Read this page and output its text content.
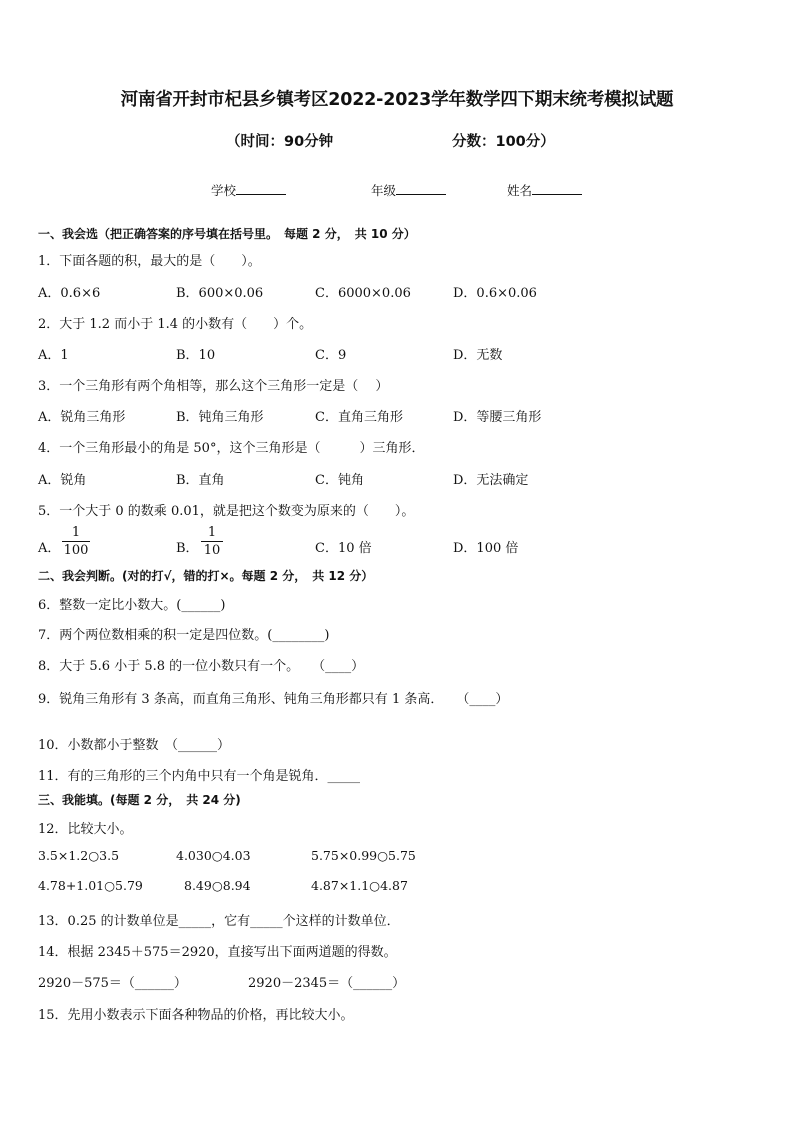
河南省开封市杞县乡镇考区2022-2023学年数学四下期末统考模拟试题
（时间：90分钟	分数：100分）
学校	年级	姓名
一、我会选（把正确答案的序号填在括号里。　每题 2 分，　共 10 分）
1．下面各题的积，最大的是（　　）。
A．0.6×6	B．600×0.06	C．6000×0.06	D．0.6×0.06
2．大于 1.2 而小于 1.4 的小数有（　　）个。
A．1	B．10	C．9	D．无数
3．一个三角形有两个角相等，那么这个三角形一定是（　 ）
A．锐角三角形	B．钝角三角形	C．直角三角形	D．等腰三角形
4．一个三角形最小的角是 50°，这个三角形是（　　　）三角形．
A．锐角	B．直角	C．钝角	D．无法确定
5．一个大于 0 的数乘 0.01，就是把这个数变为原来的（　　）。
A．
1
100	B．
1
10	C．10 倍	D．100 倍
二、我会判断。(对的打√，错的打×。每题 2 分，　共 12 分）
6．整数一定比小数大。(______)
7．两个两位数相乘的积一定是四位数。(________)
8．大于 5.6 小于 5.8 的一位小数只有一个。　　（____）
9．锐角三角形有 3 条高，而直角三角形、钝角三角形都只有 1 条高．　　（____）
10．小数都小于整数　（______）
11．有的三角形的三个内角中只有一个角是锐角．_____
三、我能填。(每题 2 分，　共 24 分)
12．比较大小。
3.5×1.2○3.5	4.030○4.03	5.75×0.99○5.75
4.78+1.01○5.79	8.49○8.94	4.87×1.1○4.87
13．0.25 的计数单位是_____，它有_____个这样的计数单位．
14．根据 2345＋575＝2920，直接写出下面两道题的得数。
2920－575＝（______）	2920－2345＝（______）
15．先用小数表示下面各种物品的价格，再比较大小。
